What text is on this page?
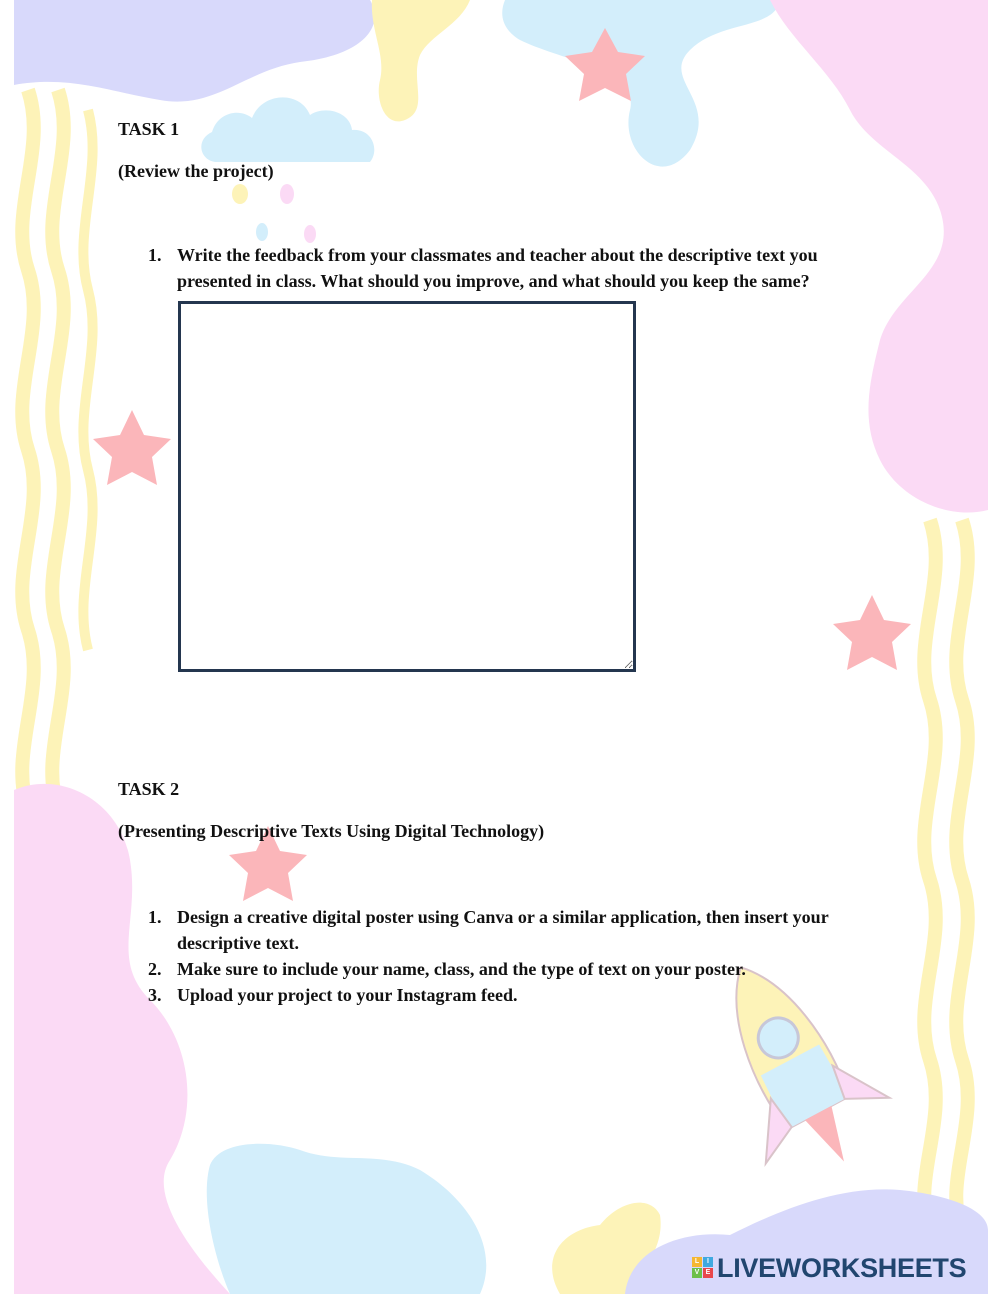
TASK 1

(Review the project)

1. Write the feedback from your classmates and teacher about the descriptive text you presented in class. What should you improve, and what should you keep the same?

TASK 2

(Presenting Descriptive Texts Using Digital Technology)

1. Design a creative digital poster using Canva or a similar application, then insert your descriptive text.
2. Make sure to include your name, class, and the type of text on your poster.
3. Upload your project to your Instagram feed.
L	I
V E LIVEWORKSHEETS
